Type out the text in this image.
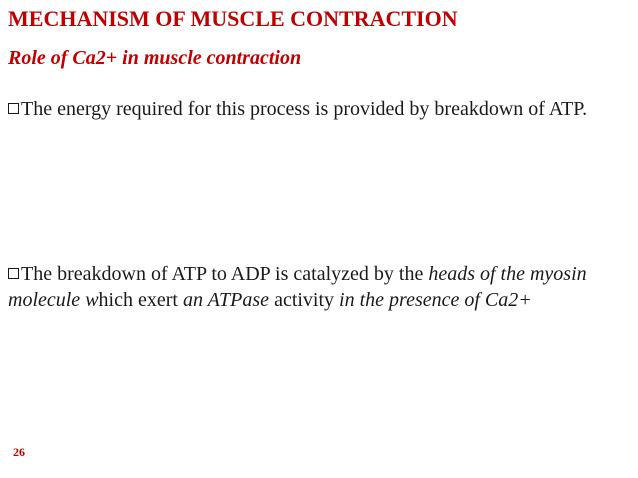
MECHANISM OF MUSCLE CONTRACTION
Role of Ca2+ in muscle contraction

The energy required for this process is provided by breakdown of ATP.

The breakdown of ATP to ADP is catalyzed by the heads of the myosin molecule which exert an ATPase activity in the presence of Ca2+

26
